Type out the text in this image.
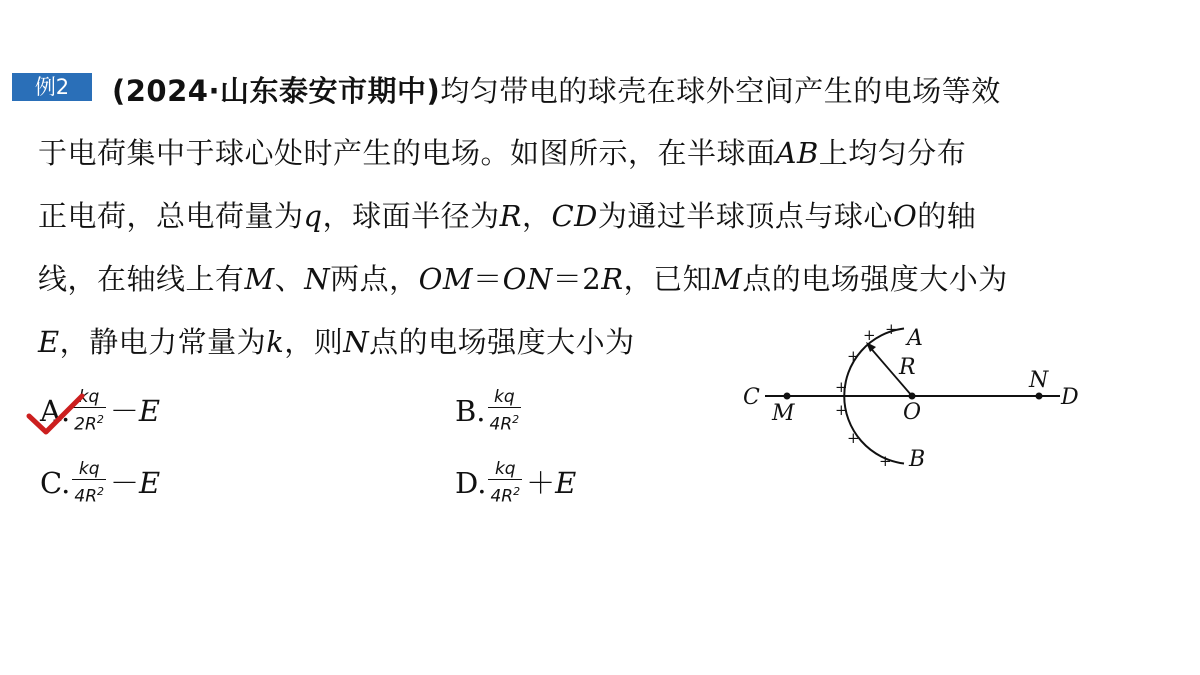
例2	(2024·山东泰安市期中)均匀带电的球壳在球外空间产生的电场等效
于电荷集中于球心处时产生的电场。如图所示，在半球面AB上均匀分布
正电荷，总电荷量为q，球面半径为R，CD为通过半球顶点与球心O的轴
线，在轴线上有M、N两点，OM＝ON＝2R，已知M点的电场强度大小为
E，静电力常量为k，则N点的电场强度大小为
A. $\frac{kq}{2R^2} -E$	B. $\frac{kq}{4R^2}$
C. $\frac{kq}{4R^2} -E$	D. $\frac{kq}{4R^2} +E$
+ +
+
+
+
+
+
C
M	O
R
A
B
N
D
